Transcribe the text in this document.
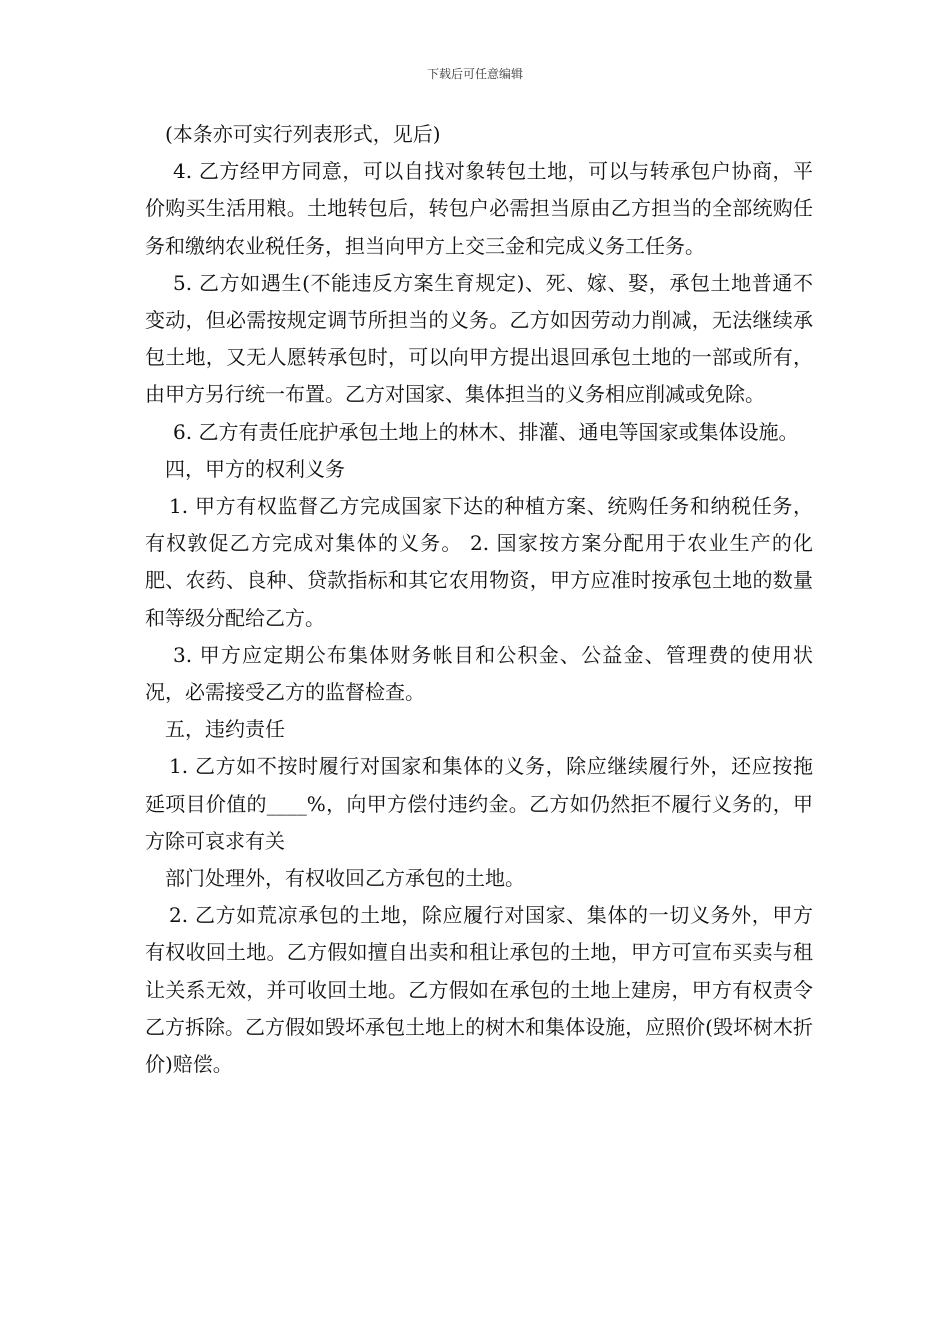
下载后可任意编辑

(本条亦可实行列表形式，见后)

4. 乙方经甲方同意，可以自找对象转包土地，可以与转承包户协商，平价购买生活用粮。土地转包后，转包户必需担当原由乙方担当的全部统购任务和缴纳农业税任务，担当向甲方上交三金和完成义务工任务。

5. 乙方如遇生(不能违反方案生育规定)、死、嫁、娶，承包土地普通不变动，但必需按规定调节所担当的义务。乙方如因劳动力削减，无法继续承包土地，又无人愿转承包时，可以向甲方提出退回承包土地的一部或所有，由甲方另行统一布置。乙方对国家、集体担当的义务相应削减或免除。

6. 乙方有责任庇护承包土地上的林木、排灌、通电等国家或集体设施。

四，甲方的权利义务

1. 甲方有权监督乙方完成国家下达的种植方案、统购任务和纳税任务，有权敦促乙方完成对集体的义务。 2. 国家按方案分配用于农业生产的化肥、农药、良种、贷款指标和其它农用物资，甲方应准时按承包土地的数量和等级分配给乙方。

3. 甲方应定期公布集体财务帐目和公积金、公益金、管理费的使用状况，必需接受乙方的监督检查。

五，违约责任

1. 乙方如不按时履行对国家和集体的义务，除应继续履行外，还应按拖延项目价值的____%，向甲方偿付违约金。乙方如仍然拒不履行义务的，甲方除可哀求有关

部门处理外，有权收回乙方承包的土地。

2. 乙方如荒凉承包的土地，除应履行对国家、集体的一切义务外，甲方有权收回土地。乙方假如擅自出卖和租让承包的土地，甲方可宣布买卖与租让关系无效，并可收回土地。乙方假如在承包的土地上建房，甲方有权责令乙方拆除。乙方假如毁坏承包土地上的树木和集体设施，应照价(毁坏树木折价)赔偿。
